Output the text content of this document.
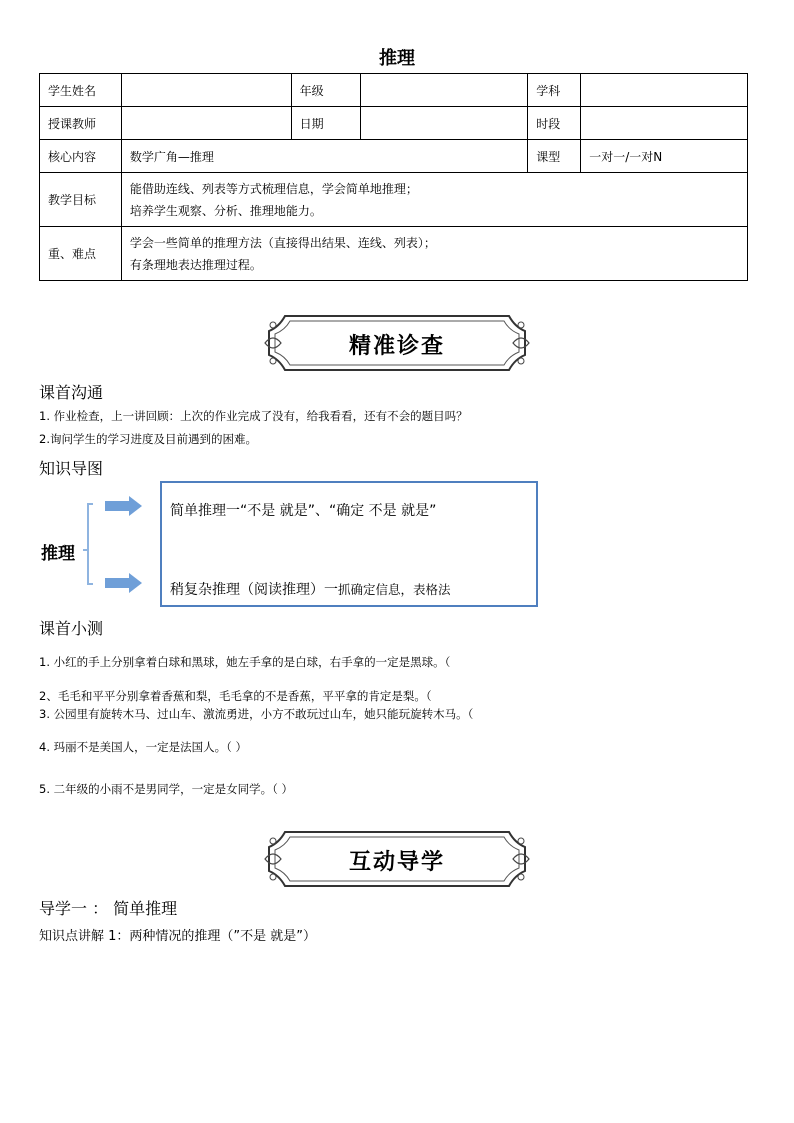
推理
学生姓名		年级		学科	
授课教师		日期		时段	
核心内容	数学广角—推理			课型	一对一/一对N
教学目标	能借助连线、列表等方式梳理信息，学会简单地推理；
培养学生观察、分析、推理地能力。				

重、难点	学会一些简单的推理方法（直接得出结果、连线、列表）；
有条理地表达推理过程。				
精准诊查
课首沟通
1. 作业检查，上一讲回顾：上次的作业完成了没有，给我看看，还有不会的题目吗？
2.询问学生的学习进度及目前遇到的困难。
知识导图
推理
简单推理一“不是 就是”、“确定 不是 就是”
稍复杂推理（阅读推理）一抓确定信息，表格法
课首小测
1. 小红的手上分别拿着白球和黑球，她左手拿的是白球，右手拿的一定是黑球。（
2、毛毛和平平分别拿着香蕉和梨，毛毛拿的不是香蕉，平平拿的肯定是梨。（
3. 公园里有旋转木马、过山车、激流勇进，小方不敢玩过山车，她只能玩旋转木马。（
4. 玛丽不是美国人，一定是法国人。（ ）
5. 二年级的小雨不是男同学，一定是女同学。（ ）
互动导学
导学一 ： 简单推理
知识点讲解 1：两种情况的推理（”不是 就是”）
